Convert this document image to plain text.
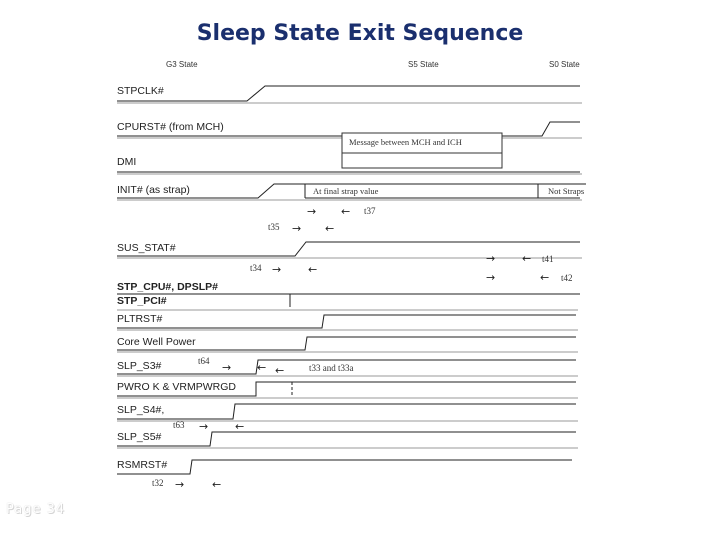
Sleep State Exit Sequence
G3 State	S5 State	S0 State
STPCLK#
CPURST# (from MCH)
DMI
INIT# (as strap)
SUS_STAT#
STP_CPU#, DPSLP#
STP_PCI#
PLTRST#
Core Well Power
SLP_S3#
PWRO K & VRMPWRGD
SLP_S4#,
SLP_S5#
RSMRST#
Message between MCH and ICH
At final strap value	Not Straps
→ ←
→ ←
→ ←
→ ←
→	←
→ ← ←
→ ←
→	←
t37
t35
t41
t34
t42
t64
t33 and t33a
t63
t32
Page 34
